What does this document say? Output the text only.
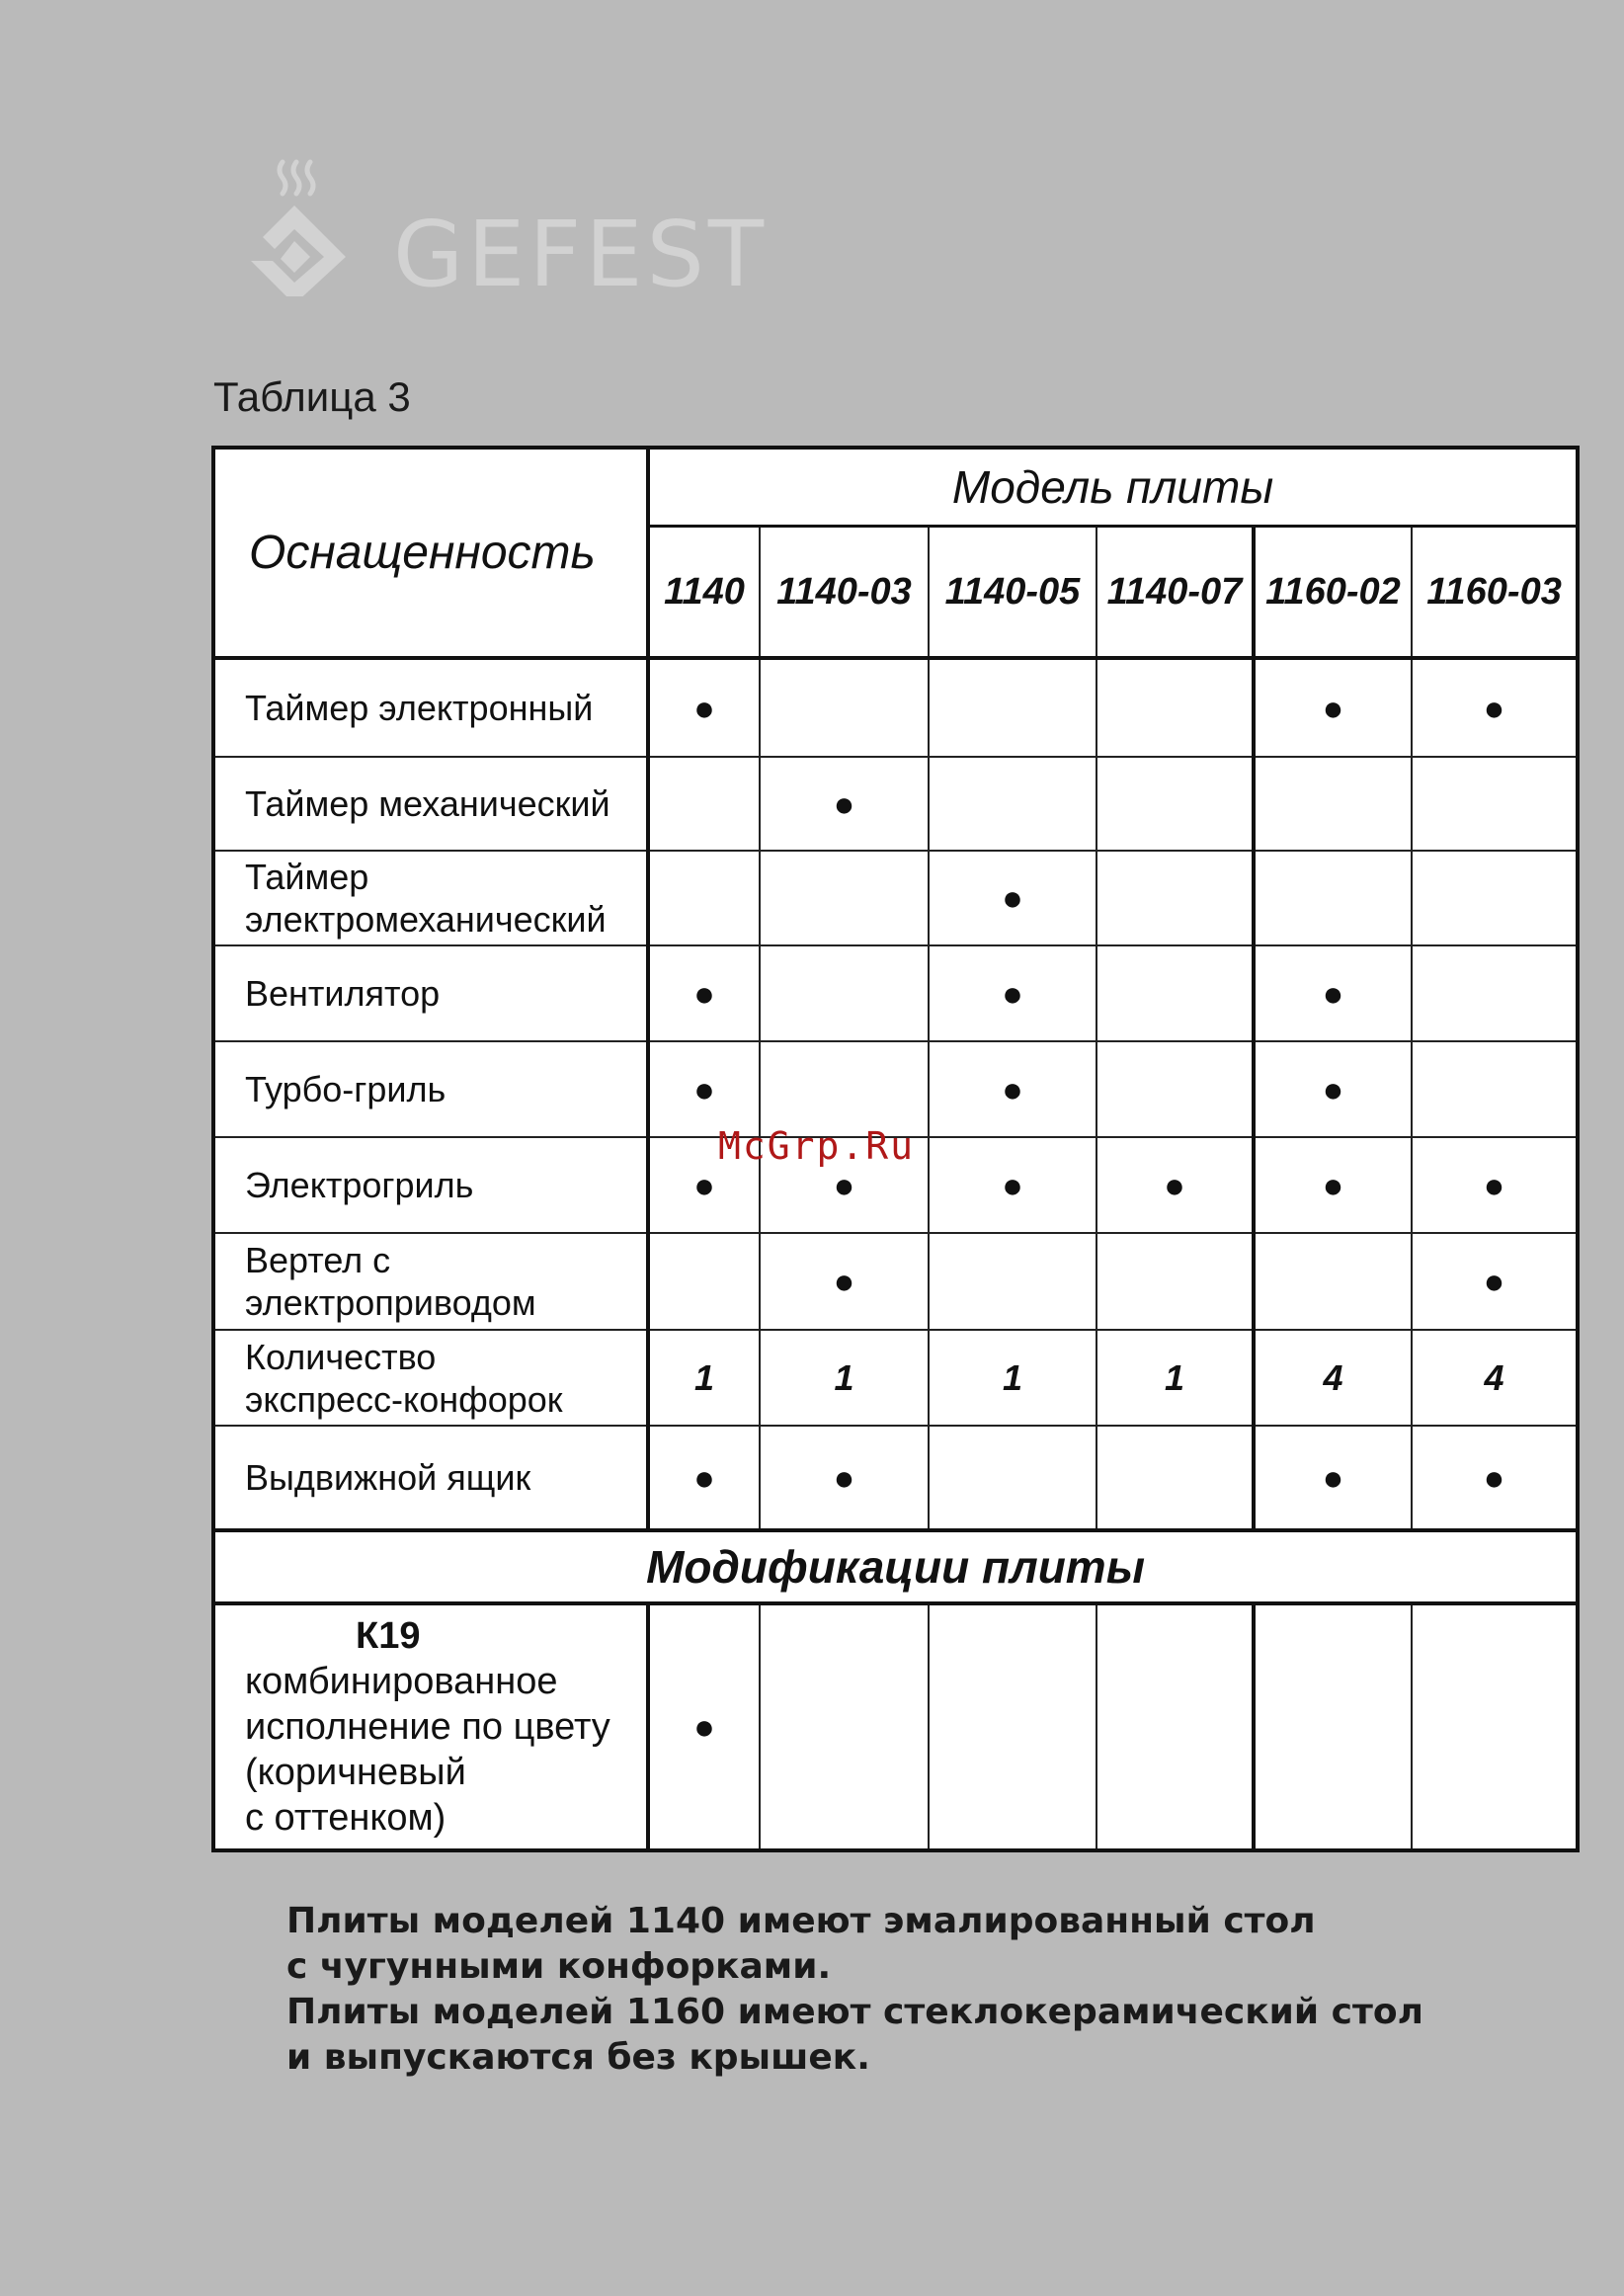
GEFEST
Таблица 3
Оснащенность	Модель плиты					
	1140	1140-03	1140-05	1140-07	1160-02	1160-03
Таймер электронный	●				●	●
Таймер механический		●				
Таймер
электромеханический			●			
Вентилятор	●		●		●	
Турбо-гриль	●		●		●	
Электрогриль	●	●	●	●	●	●
Вертел с
электроприводом		●				●
Количество
экспресс-конфорок	1	1	1	1	4	4
Выдвижной ящик	●	●			●	●
Модификации плиты						

К19
комбинированное
исполнение по цвету
(коричневый
с оттенком)	●					
McGrp.Ru
Плиты моделей 1140 имеют эмалированный стол
с чугунными конфорками.
Плиты моделей 1160 имеют стеклокерамический стол
и выпускаются без крышек.
